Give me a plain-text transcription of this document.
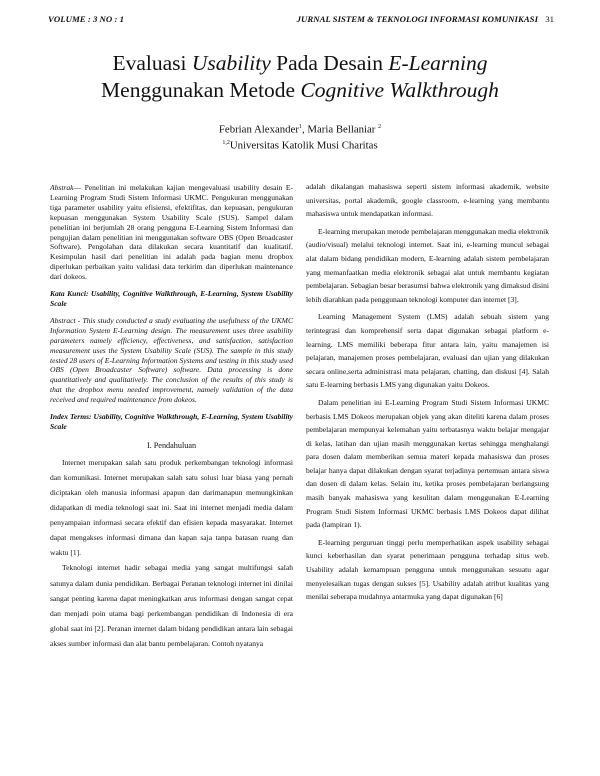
VOLUME : 3 NO : 1	JURNAL SISTEM & TEKNOLOGI INFORMASI KOMUNIKASI 31
Evaluasi Usability Pada Desain E-Learning
Menggunakan Metode Cognitive Walkthrough
Febrian Alexander$^1$, Maria Bellaniar $^2$
$^{1,2}$Universitas Katolik Musi Charitas

Abstrak— Penelitian ini melakukan kajian mengevaluasi usability desain E-Learning Program Studi Sistem Informasi UKMC. Pengukuran menggunakan tiga parameter usability yaitu efisiensi, efektifitas, dan kepuasan, pengukuran kepuasan menggunakan System Usability Scale (SUS). Sampel dalam penelitian ini berjumlah 28 orang pengguna E-Learning Sistem Informasi dan pengujian dalam penelitian ini menggunakan software OBS (Open Broadcaster Software). Pengolahan data dilakukan secara kuantitatif dan kualitatif. Kesimpulan hasil dari penelitian ini adalah pada bagian menu dropbox diperlukan perbaikan yaitu validasi data terkirim dan diperlukan maintenance dari dokeos.

Kata Kunci: Usability, Cognitive Walkthrough, E-Learning, System Usability Scale

Abstract - This study conducted a study evaluating the usefulness of the UKMC Information System E-Learning design. The measurement uses three usability parameters namely efficiency, effectiveness, and satisfaction, satisfaction measurement uses the System Usability Scale (SUS). The sample in this study tested 28 users of E-Learning Information Systems and testing in this study used OBS (Open Broadcaster Software) software. Data processing is done quantitatively and qualitatively. The conclusion of the results of this study is that the dropbox menu needed improvement, namely validation of the data received and required maintenance from dokeos.

Index Terms: Usability, Cognitive Walkthrough, E-Learning, System Usability Scale

I. Pendahuluan

Internet merupakan salah satu produk perkembangan teknologi informasi dan komunikasi. Internet merupakan salah satu solusi luar biasa yang pernah diciptakan oleh manusia informasi apapun dan darimanapun memungkinkan didapatkan di media teknologi saat ini. Saat ini internet menjadi media dalam penyampaian informasi secara efektif dan efisien kepada masyarakat. Internet dapat mengakses informasi dimana dan kapan saja tanpa batasan ruang dan waktu [1].

Teknologi internet hadir sebagai media yang sangat multifungsi salah satunya dalam dunia pendidikan. Berbagai Peranan teknologi internet ini dinilai sangat penting karena dapat meningkatkan arus informasi dengan sangat cepat dan menjadi poin utama bagi perkembangan pendidikan di Indonesia di era global saat ini [2]. Peranan internet dalam bidang pendidikan antara lain sebagai akses sumber informasi dan alat bantu pembelajaran. Contoh nyatanya

adalah dikalangan mahasiswa seperti sistem informasi akademik, website universitas, portal akademik, google classroom, e-learning yang membantu mahasiswa untuk mendapatkan informasi.

E-learning merupakan metode pembelajaran menggunakan media elektronik (audio/visual) melalui teknologi internet. Saat ini, e-learning muncul sebagai alat dalam bidang pendidikan modern, E-learning adalah sistem pembelajaran yang memanfaatkan media elektronik sebagai alat untuk membantu kegiatan pembelajaran. Sebagian besar berasumsi bahwa elektronik yang dimaksud disini lebih diarahkan pada penggunaan teknologi komputer dan internet [3].

Learning Management System (LMS) adalah sebuah sistem yang terintegrasi dan komprehensif serta dapat digunakan sebagai platform e-learning. LMS memiliki beberapa fitur antara lain, yaitu manajemen isi pelajaran, manajemen proses pembelajaran, evaluasi dan ujian yang dilakukan secara online,serta administrasi mata pelajaran, chatting, dan diskusi [4]. Salah satu E-learning berbasis LMS yang digunakan yaitu Dokeos.

Dalam penelitian ini E-Learning Program Studi Sistem Informasi UKMC berbasis LMS Dokeos merupakan objek yang akan diteliti karena dalam proses pembelajaran mempunyai kelemahan yaitu terbatasnya waktu belajar mengajar di kelas, latihan dan ujian masih menggunakan kertas sehingga menghalangi para dosen dalam memberikan semua materi kepada mahasiswa dan proses belajar hanya dapat dilakukan dengan syarat terjadinya pertemuan antara siswa dan dosen di dalam kelas. Selain itu, ketika proses pembelajaran berlangsung masih banyak mahasiswa yang kesulitan dalam menggunakan E-Learning Program Studi Sistem Informasi UKMC berbasis LMS Dokeos dapat dilihat pada (lampiran 1).

E-learning perguruan tinggi perlu memperhatikan aspek usability sebagai kunci keberhasilan dan syarat penerimaan pengguna terhadap situs web. Usability adalah kemampuan pengguna untuk menggunakan sesuatu agar menyelesaikan tugas dengan sukses [5]. Usability adalah atribut kualitas yang menilai seberapa mudahnya antarmuka yang dapat digunakan [6]
